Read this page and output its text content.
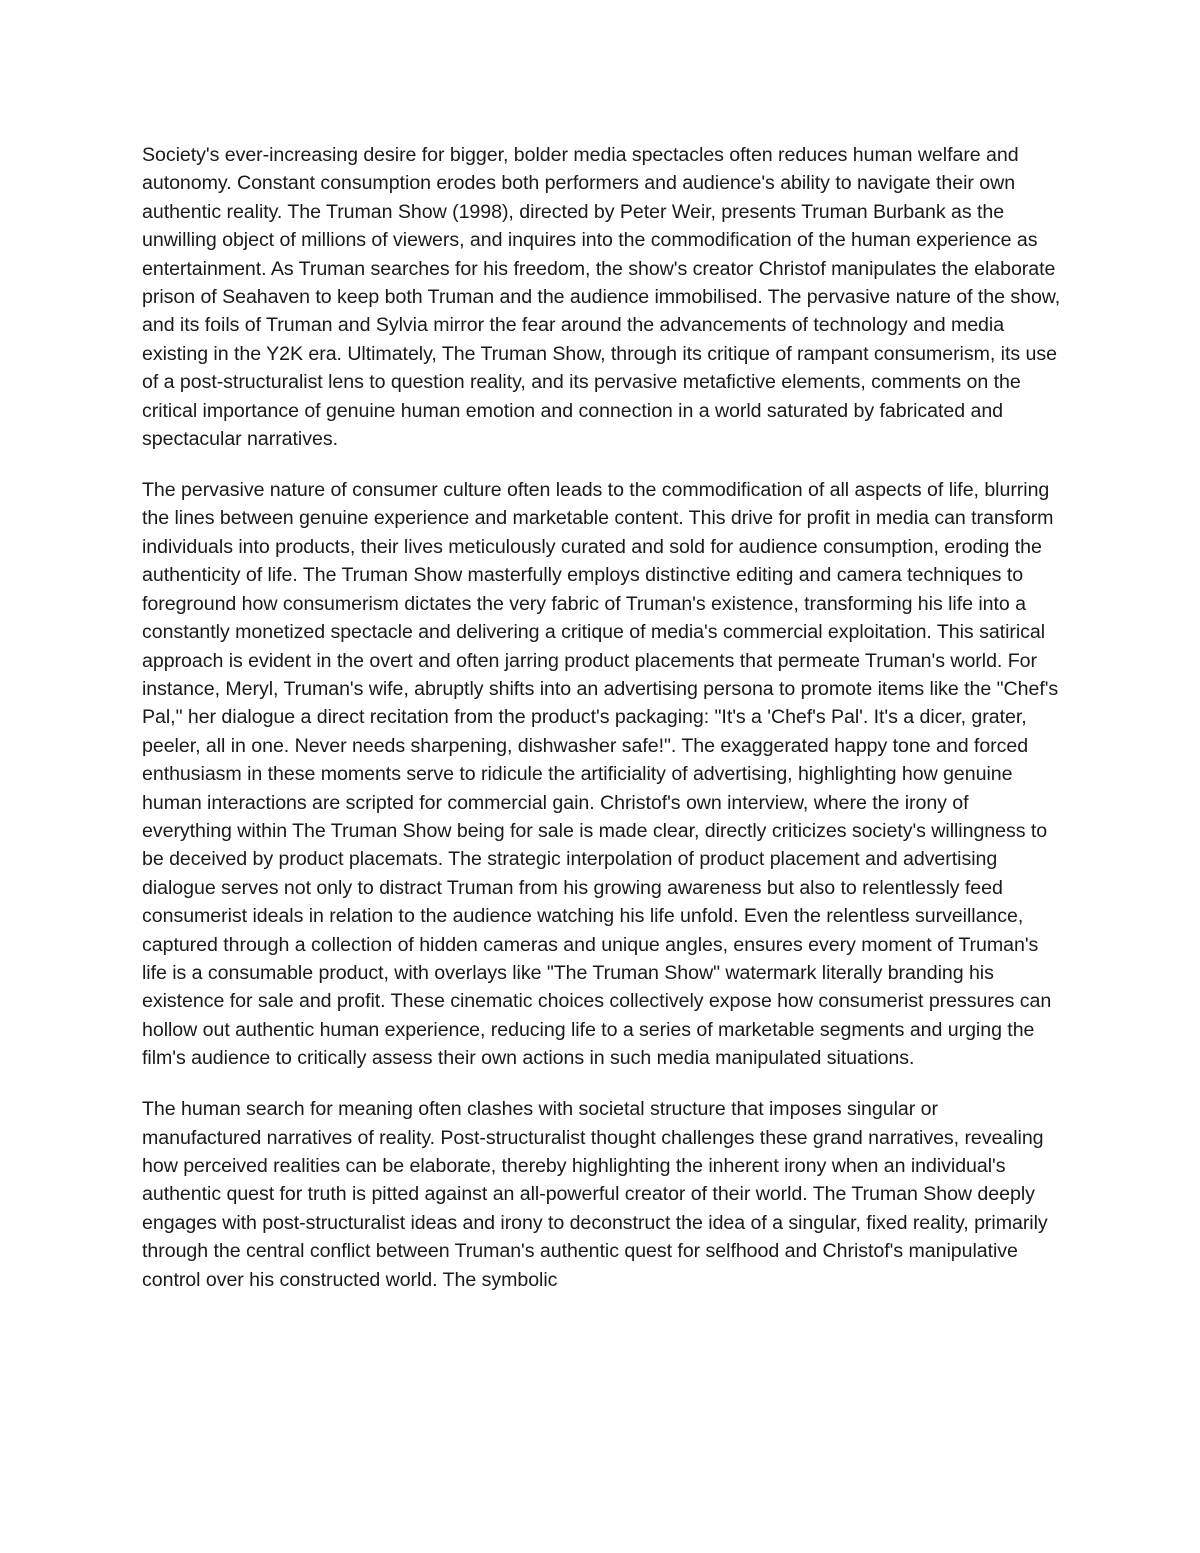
Society's ever-increasing desire for bigger, bolder media spectacles often reduces human welfare and autonomy. Constant consumption erodes both performers and audience's ability to navigate their own authentic reality. The Truman Show (1998), directed by Peter Weir, presents Truman Burbank as the unwilling object of millions of viewers, and inquires into the commodification of the human experience as entertainment. As Truman searches for his freedom, the show's creator Christof manipulates the elaborate prison of Seahaven to keep both Truman and the audience immobilised. The pervasive nature of the show, and its foils of Truman and Sylvia mirror the fear around the advancements of technology and media existing in the Y2K era. Ultimately, The Truman Show, through its critique of rampant consumerism, its use of a post-structuralist lens to question reality, and its pervasive metafictive elements, comments on the critical importance of genuine human emotion and connection in a world saturated by fabricated and spectacular narratives.

The pervasive nature of consumer culture often leads to the commodification of all aspects of life, blurring the lines between genuine experience and marketable content. This drive for profit in media can transform individuals into products, their lives meticulously curated and sold for audience consumption, eroding the authenticity of life. The Truman Show masterfully employs distinctive editing and camera techniques to foreground how consumerism dictates the very fabric of Truman's existence, transforming his life into a constantly monetized spectacle and delivering a critique of media's commercial exploitation. This satirical approach is evident in the overt and often jarring product placements that permeate Truman's world. For instance, Meryl, Truman's wife, abruptly shifts into an advertising persona to promote items like the "Chef's Pal," her dialogue a direct recitation from the product's packaging: "It's a 'Chef's Pal'. It's a dicer, grater, peeler, all in one. Never needs sharpening, dishwasher safe!". The exaggerated happy tone and forced enthusiasm in these moments serve to ridicule the artificiality of advertising, highlighting how genuine human interactions are scripted for commercial gain. Christof's own interview, where the irony of everything within The Truman Show being for sale is made clear, directly criticizes society's willingness to be deceived by product placemats. The strategic interpolation of product placement and advertising dialogue serves not only to distract Truman from his growing awareness but also to relentlessly feed consumerist ideals in relation to the audience watching his life unfold. Even the relentless surveillance, captured through a collection of hidden cameras and unique angles, ensures every moment of Truman's life is a consumable product, with overlays like "The Truman Show" watermark literally branding his existence for sale and profit. These cinematic choices collectively expose how consumerist pressures can hollow out authentic human experience, reducing life to a series of marketable segments and urging the film's audience to critically assess their own actions in such media manipulated situations.

The human search for meaning often clashes with societal structure that imposes singular or manufactured narratives of reality. Post-structuralist thought challenges these grand narratives, revealing how perceived realities can be elaborate, thereby highlighting the inherent irony when an individual's authentic quest for truth is pitted against an all-powerful creator of their world. The Truman Show deeply engages with post-structuralist ideas and irony to deconstruct the idea of a singular, fixed reality, primarily through the central conflict between Truman's authentic quest for selfhood and Christof's manipulative control over his constructed world. The symbolic
